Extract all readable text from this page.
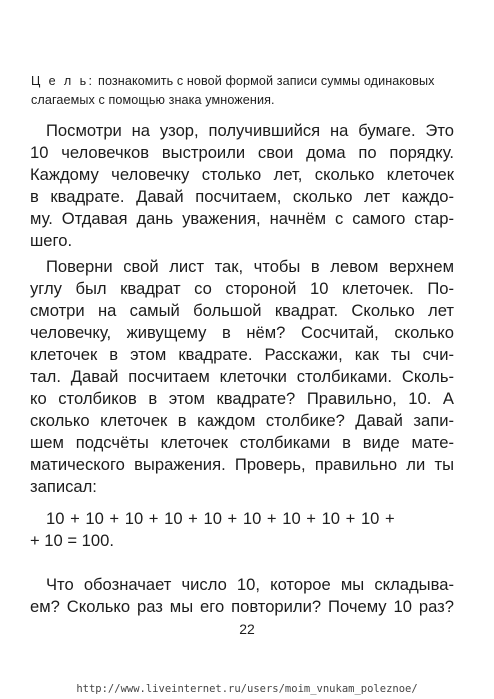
Ц е л ь: познакомить с новой формой записи суммы одинаковых слагаемых с помощью знака умножения.
Посмотри на узор, получившийся на бумаге. Это
10 человечков выстроили свои дома по порядку.
Каждому человечку столько лет, сколько клеточек
в квадрате. Давай посчитаем, сколько лет каждо-
му. Отдавая дань уважения, начнём с самого стар-
шего.
Поверни свой лист так, чтобы в левом верхнем
углу был квадрат со стороной 10 клеточек. По-
смотри на самый большой квадрат. Сколько лет
человечку, живущему в нём? Сосчитай, сколько
клеточек в этом квадрате. Расскажи, как ты счи-
тал. Давай посчитаем клеточки столбиками. Сколь-
ко столбиков в этом квадрате? Правильно, 10. А
сколько клеточек в каждом столбике? Давай запи-
шем подсчёты клеточек столбиками в виде мате-
матического выражения. Проверь, правильно ли ты
записал:
10 + 10 + 10 + 10 + 10 + 10 + 10 + 10 + 10 +
+ 10 = 100.
Что обозначает число 10, которое мы складыва-
ем? Сколько раз мы его повторили? Почему 10 раз?
22
http://www.liveinternet.ru/users/moim_vnukam_poleznoe/
